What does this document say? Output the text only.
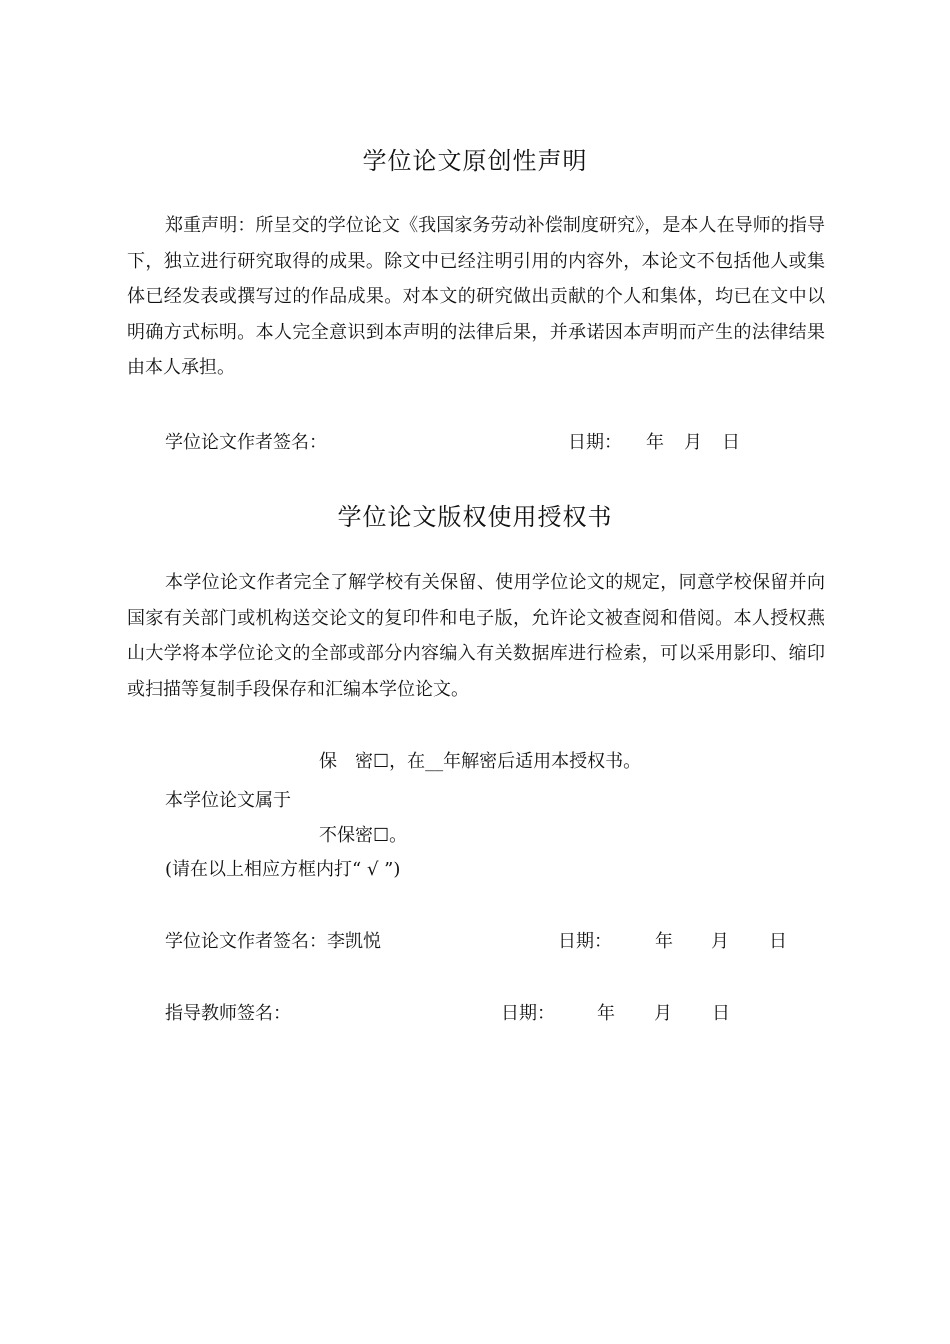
学位论文原创性声明
郑重声明：所呈交的学位论文《我国家务劳动补偿制度研究》，是本人在导师的指导下，独立进行研究取得的成果。除文中已经注明引用的内容外，本论文不包括他人或集体已经发表或撰写过的作品成果。对本文的研究做出贡献的个人和集体，均已在文中以明确方式标明。本人完全意识到本声明的法律后果，并承诺因本声明而产生的法律结果由本人承担。
学位论文作者签名：	日期： 年 月 日
学位论文版权使用授权书
本学位论文作者完全了解学校有关保留、使用学位论文的规定，同意学校保留并向国家有关部门或机构送交论文的复印件和电子版，允许论文被查阅和借阅。本人授权燕山大学将本学位论文的全部或部分内容编入有关数据库进行检索，可以采用影印、缩印或扫描等复制手段保存和汇编本学位论文。
保　密☐，在__年解密后适用本授权书。
本学位论文属于
不保密☐。
(请在以上相应方框内打“ √ ”)
学位论文作者签名：李凯悦	日期： 年 月 日
指导教师签名：	日期： 年 月 日
